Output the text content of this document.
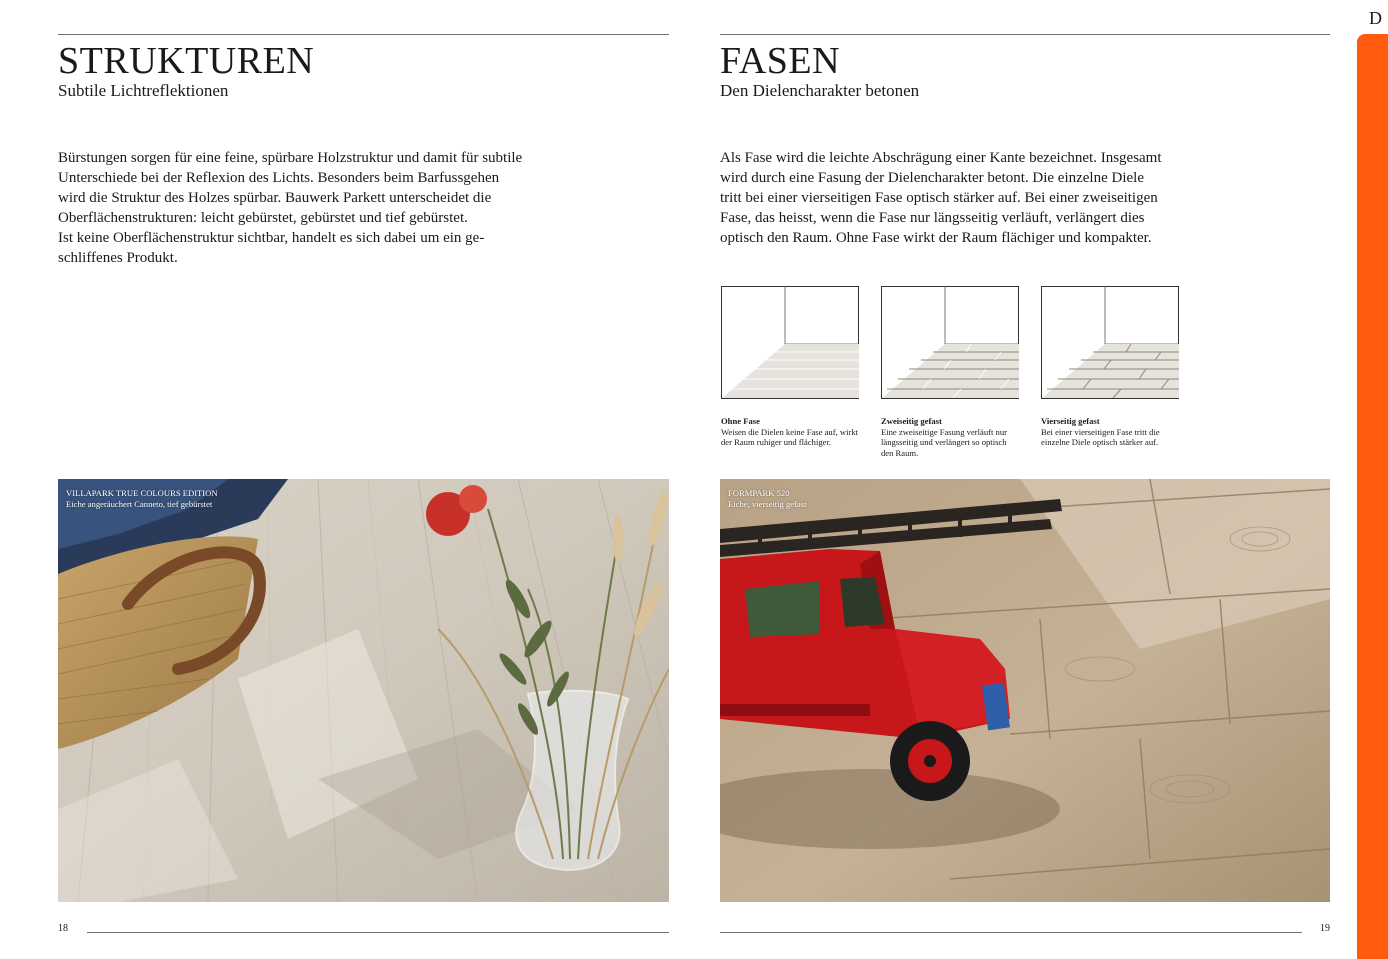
STRUKTUREN
Subtile Lichtreflektionen
Bürstungen sorgen für eine feine, spürbare Holzstruktur und damit für subtile
Unterschiede bei der Reflexion des Lichts. Besonders beim Barfussgehen
wird die Struktur des Holzes spürbar. Bauwerk Parkett unterscheidet die
Oberflächenstrukturen: leicht gebürstet, gebürstet und tief gebürstet.
Ist keine Oberflächenstruktur sichtbar, handelt es sich dabei um ein ge-
schliffenes Produkt.
VILLAPARK TRUE COLOURS EDITION
Eiche angeräuchert Canneto, tief gebürstet
18
FASEN
Den Dielencharakter betonen
Als Fase wird die leichte Abschrägung einer Kante bezeichnet. Insgesamt
wird durch eine Fasung der Dielencharakter betont. Die einzelne Diele
tritt bei einer vierseitigen Fase optisch stärker auf. Bei einer zweiseitigen
Fase, das heisst, wenn die Fase nur längsseitig verläuft, verlängert dies
optisch den Raum. Ohne Fase wirkt der Raum flächiger und kompakter.
Ohne Fase
Weisen die Dielen keine Fase auf, wirkt
der Raum ruhiger und flächiger.
Zweiseitig gefast
Eine zweiseitige Fasung verläuft nur
längsseitig und verlängert so optisch
den Raum.
Vierseitig gefast
Bei einer vierseitigen Fase tritt die
einzelne Diele optisch stärker auf.
FORMPARK 520
Eiche, vierseitig gefast
19
D
